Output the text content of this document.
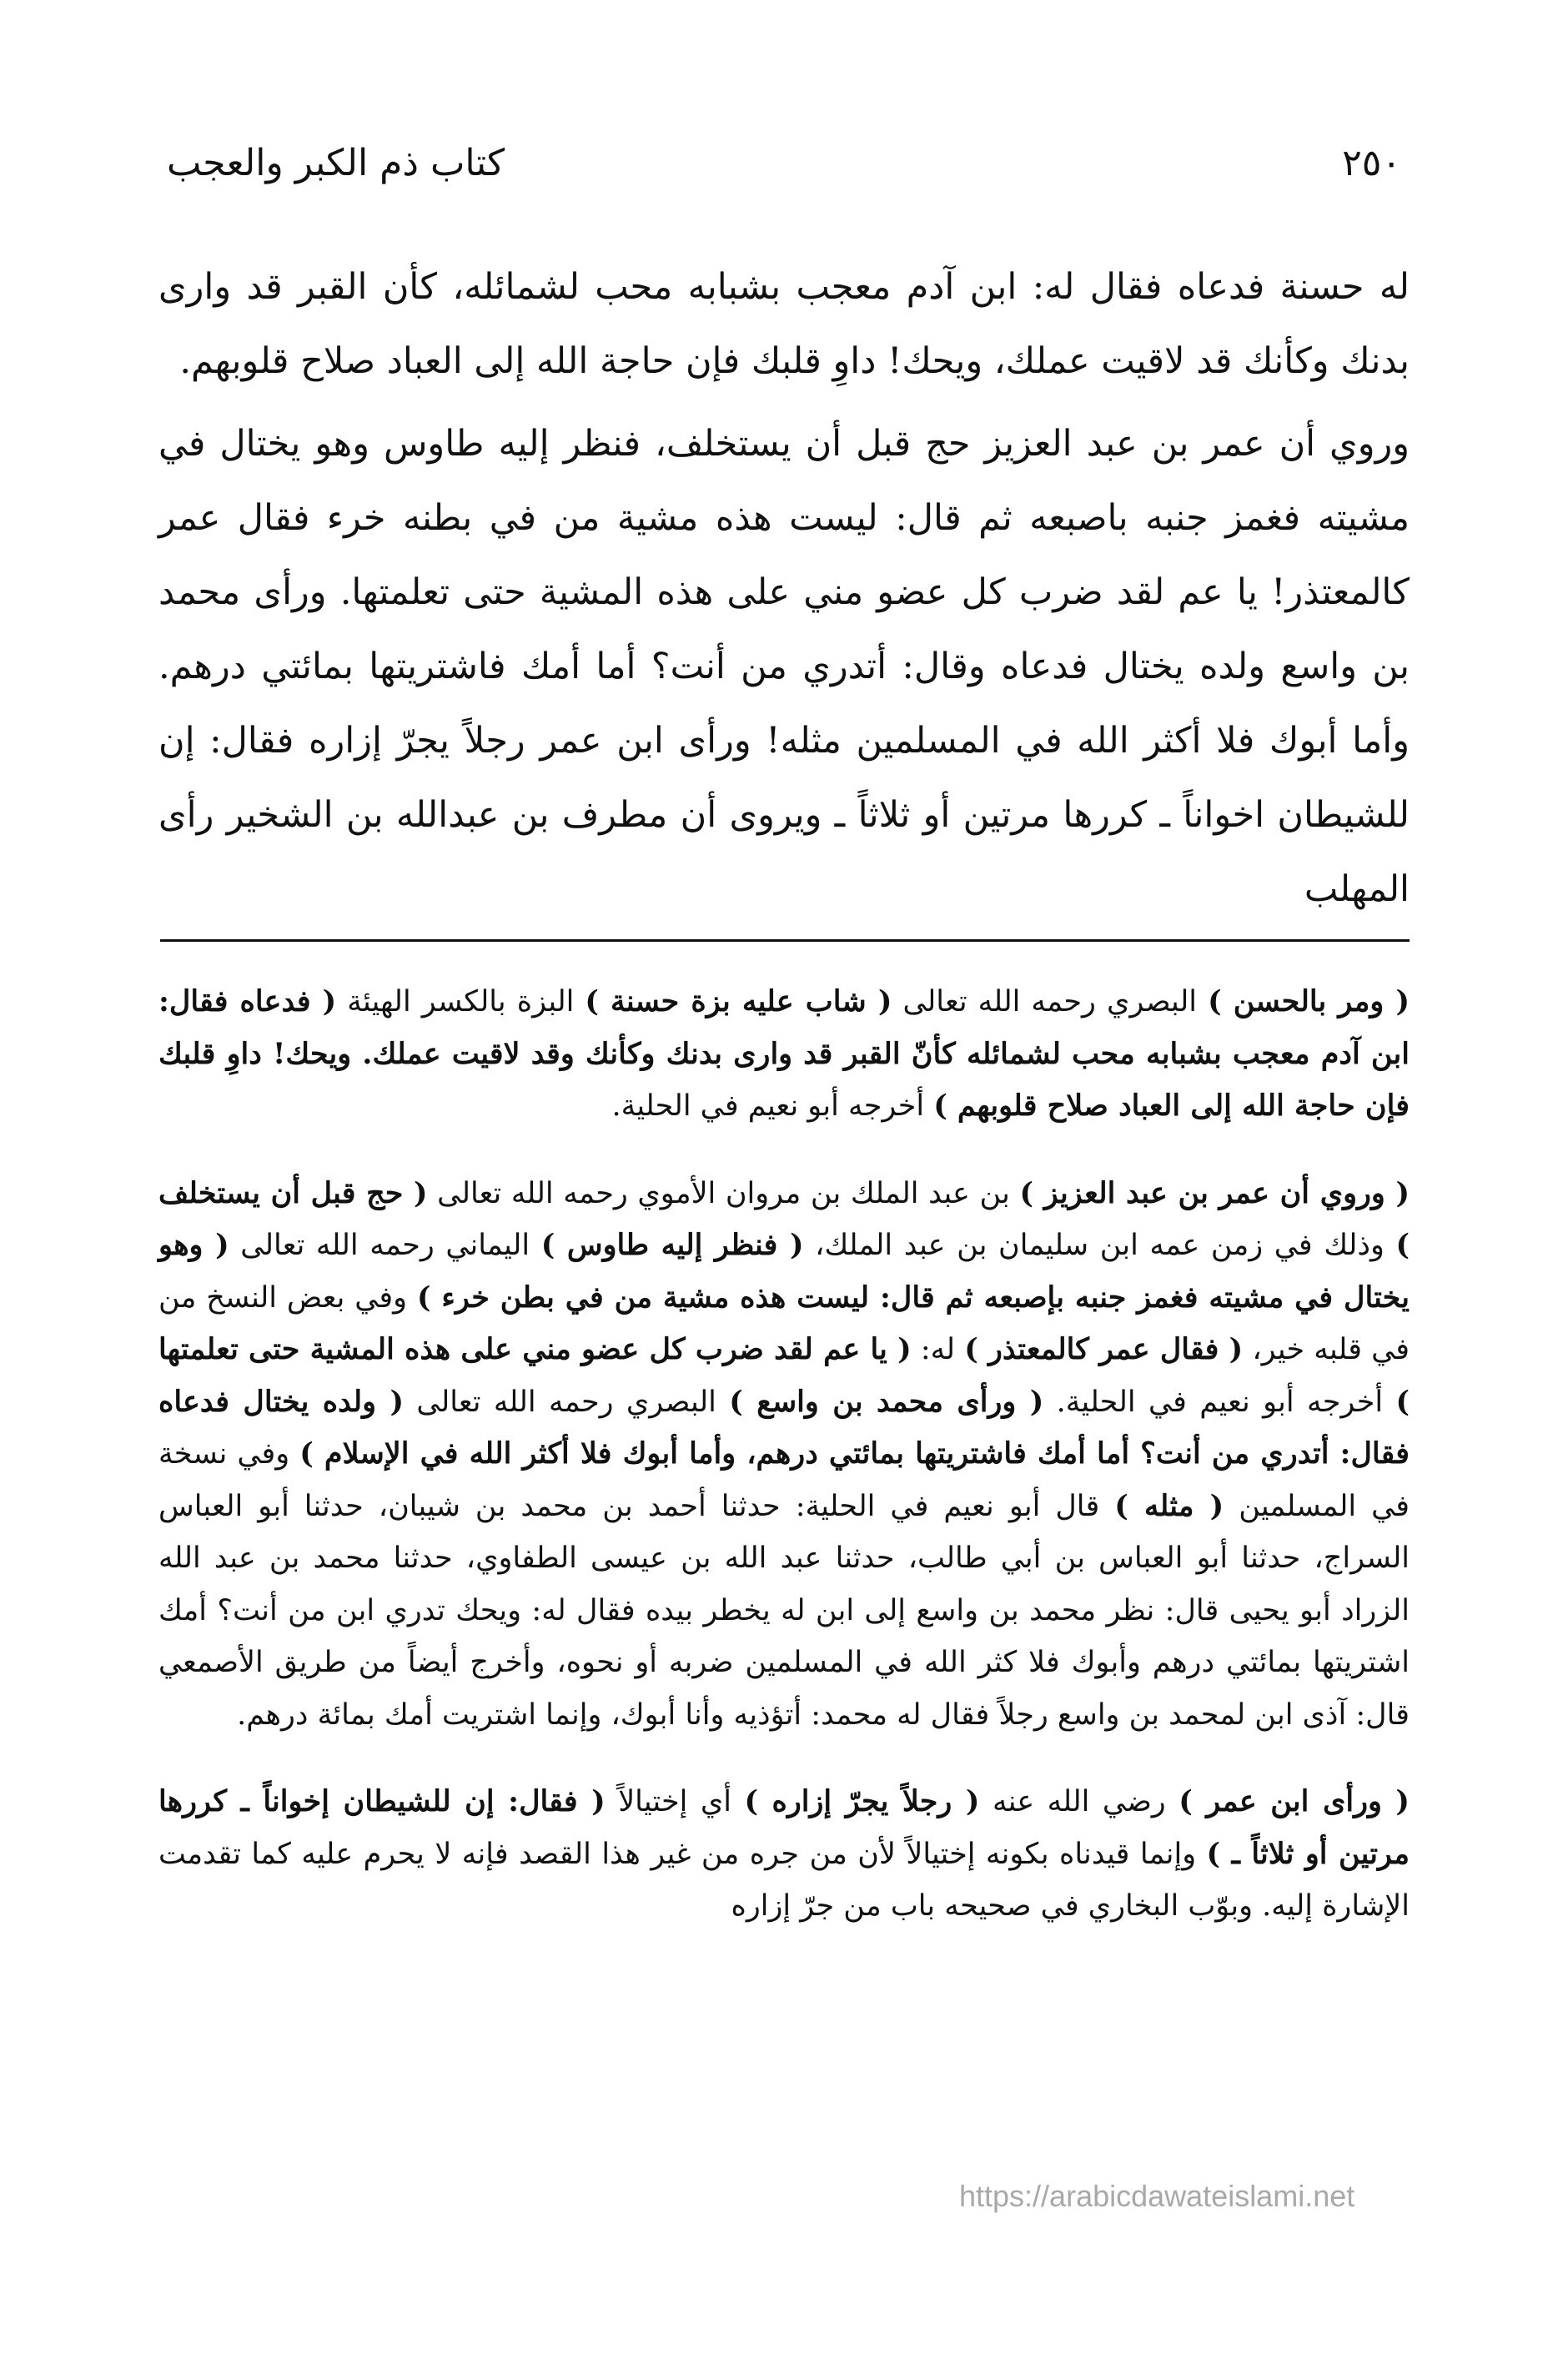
٢٥٠
كتاب ذم الكبر والعجب

له حسنة فدعاه فقال له: ابن آدم معجب بشبابه محب لشمائله، كأن القبر قد وارى بدنك وكأنك قد لاقيت عملك، ويحك! داوِ قلبك فإن حاجة الله إلى العباد صلاح قلوبهم.

وروي أن عمر بن عبد العزيز حج قبل أن يستخلف، فنظر إليه طاوس وهو يختال في مشيته فغمز جنبه باصبعه ثم قال: ليست هذه مشية من في بطنه خرء فقال عمر كالمعتذر! يا عم لقد ضرب كل عضو مني على هذه المشية حتى تعلمتها. ورأى محمد بن واسع ولده يختال فدعاه وقال: أتدري من أنت؟ أما أمك فاشتريتها بمائتي درهم. وأما أبوك فلا أكثر الله في المسلمين مثله! ورأى ابن عمر رجلاً يجرّ إزاره فقال: إن للشيطان اخواناً ـ كررها مرتين أو ثلاثاً ـ ويروى أن مطرف بن عبدالله بن الشخير رأى المهلب

( ومر بالحسن ) البصري رحمه الله تعالى ( شاب عليه بزة حسنة ) البزة بالكسر الهيئة ( فدعاه فقال: ابن آدم معجب بشبابه محب لشمائله كأنّ القبر قد وارى بدنك وكأنك وقد لاقيت عملك. ويحك! داوِ قلبك فإن حاجة الله إلى العباد صلاح قلوبهم ) أخرجه أبو نعيم في الحلية.

( وروي أن عمر بن عبد العزيز ) بن عبد الملك بن مروان الأموي رحمه الله تعالى ( حج قبل أن يستخلف ) وذلك في زمن عمه ابن سليمان بن عبد الملك، ( فنظر إليه طاوس ) اليماني رحمه الله تعالى ( وهو يختال في مشيته فغمز جنبه بإصبعه ثم قال: ليست هذه مشية من في بطن خرء ) وفي بعض النسخ من في قلبه خير، ( فقال عمر كالمعتذر ) له: ( يا عم لقد ضرب كل عضو مني على هذه المشية حتى تعلمتها ) أخرجه أبو نعيم في الحلية. ( ورأى محمد بن واسع ) البصري رحمه الله تعالى ( ولده يختال فدعاه فقال: أتدري من أنت؟ أما أمك فاشتريتها بمائتي درهم، وأما أبوك فلا أكثر الله في الإسلام ) وفي نسخة في المسلمين ( مثله ) قال أبو نعيم في الحلية: حدثنا أحمد بن محمد بن شيبان، حدثنا أبو العباس السراج، حدثنا أبو العباس بن أبي طالب، حدثنا عبد الله بن عيسى الطفاوي، حدثنا محمد بن عبد الله الزراد أبو يحيى قال: نظر محمد بن واسع إلى ابن له يخطر بيده فقال له: ويحك تدري ابن من أنت؟ أمك اشتريتها بمائتي درهم وأبوك فلا كثر الله في المسلمين ضربه أو نحوه، وأخرج أيضاً من طريق الأصمعي قال: آذى ابن لمحمد بن واسع رجلاً فقال له محمد: أتؤذيه وأنا أبوك، وإنما اشتريت أمك بمائة درهم.

( ورأى ابن عمر ) رضي الله عنه ( رجلاً يجرّ إزاره ) أي إختيالاً ( فقال: إن للشيطان إخواناً ـ كررها مرتين أو ثلاثاً ـ ) وإنما قيدناه بكونه إختيالاً لأن من جره من غير هذا القصد فإنه لا يحرم عليه كما تقدمت الإشارة إليه. وبوّب البخاري في صحيحه باب من جرّ إزاره

https://arabicdawateislami.net
